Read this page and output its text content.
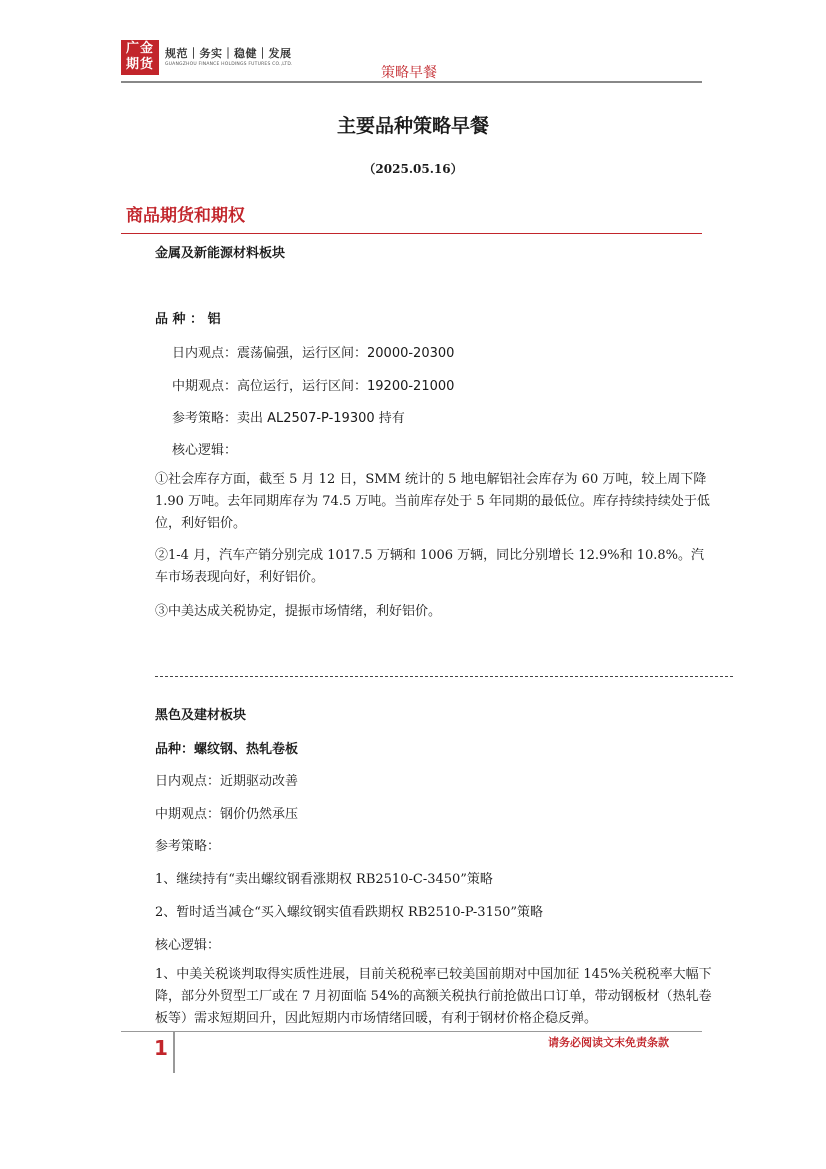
广金
期货
规范｜务实｜稳健｜发展
GUANGZHOU FINANCE HOLDINGS FUTURES CO.,LTD.
策略早餐
主要品种策略早餐
（2025.05.16）
商品期货和期权
金属及新能源材料板块
品 种 ： 铝
日内观点：震荡偏强，运行区间：20000-20300
中期观点：高位运行，运行区间：19200-21000
参考策略：卖出 AL2507-P-19300 持有
核心逻辑：
①社会库存方面，截至 5 月 12 日，SMM 统计的 5 地电解铝社会库存为 60 万吨，较上周下降 1.90 万吨。去年同期库存为 74.5 万吨。当前库存处于 5 年同期的最低位。库存持续持续处于低位，利好铝价。
②1-4 月，汽车产销分别完成 1017.5 万辆和 1006 万辆，同比分别增长 12.9%和 10.8%。汽车市场表现向好，利好铝价。
③中美达成关税协定，提振市场情绪，利好铝价。
黑色及建材板块
品种：螺纹钢、热轧卷板
日内观点：近期驱动改善
中期观点：钢价仍然承压
参考策略：
1、继续持有“卖出螺纹钢看涨期权 RB2510-C-3450”策略
2、暂时适当减仓“买入螺纹钢实值看跌期权 RB2510-P-3150”策略
核心逻辑：
1、中美关税谈判取得实质性进展，目前关税税率已较美国前期对中国加征 145%关税税率大幅下降，部分外贸型工厂或在 7 月初面临 54%的高额关税执行前抢做出口订单，带动钢板材（热轧卷板等）需求短期回升，因此短期内市场情绪回暖，有利于钢材价格企稳反弹。
1	请务必阅读文末免责条款
